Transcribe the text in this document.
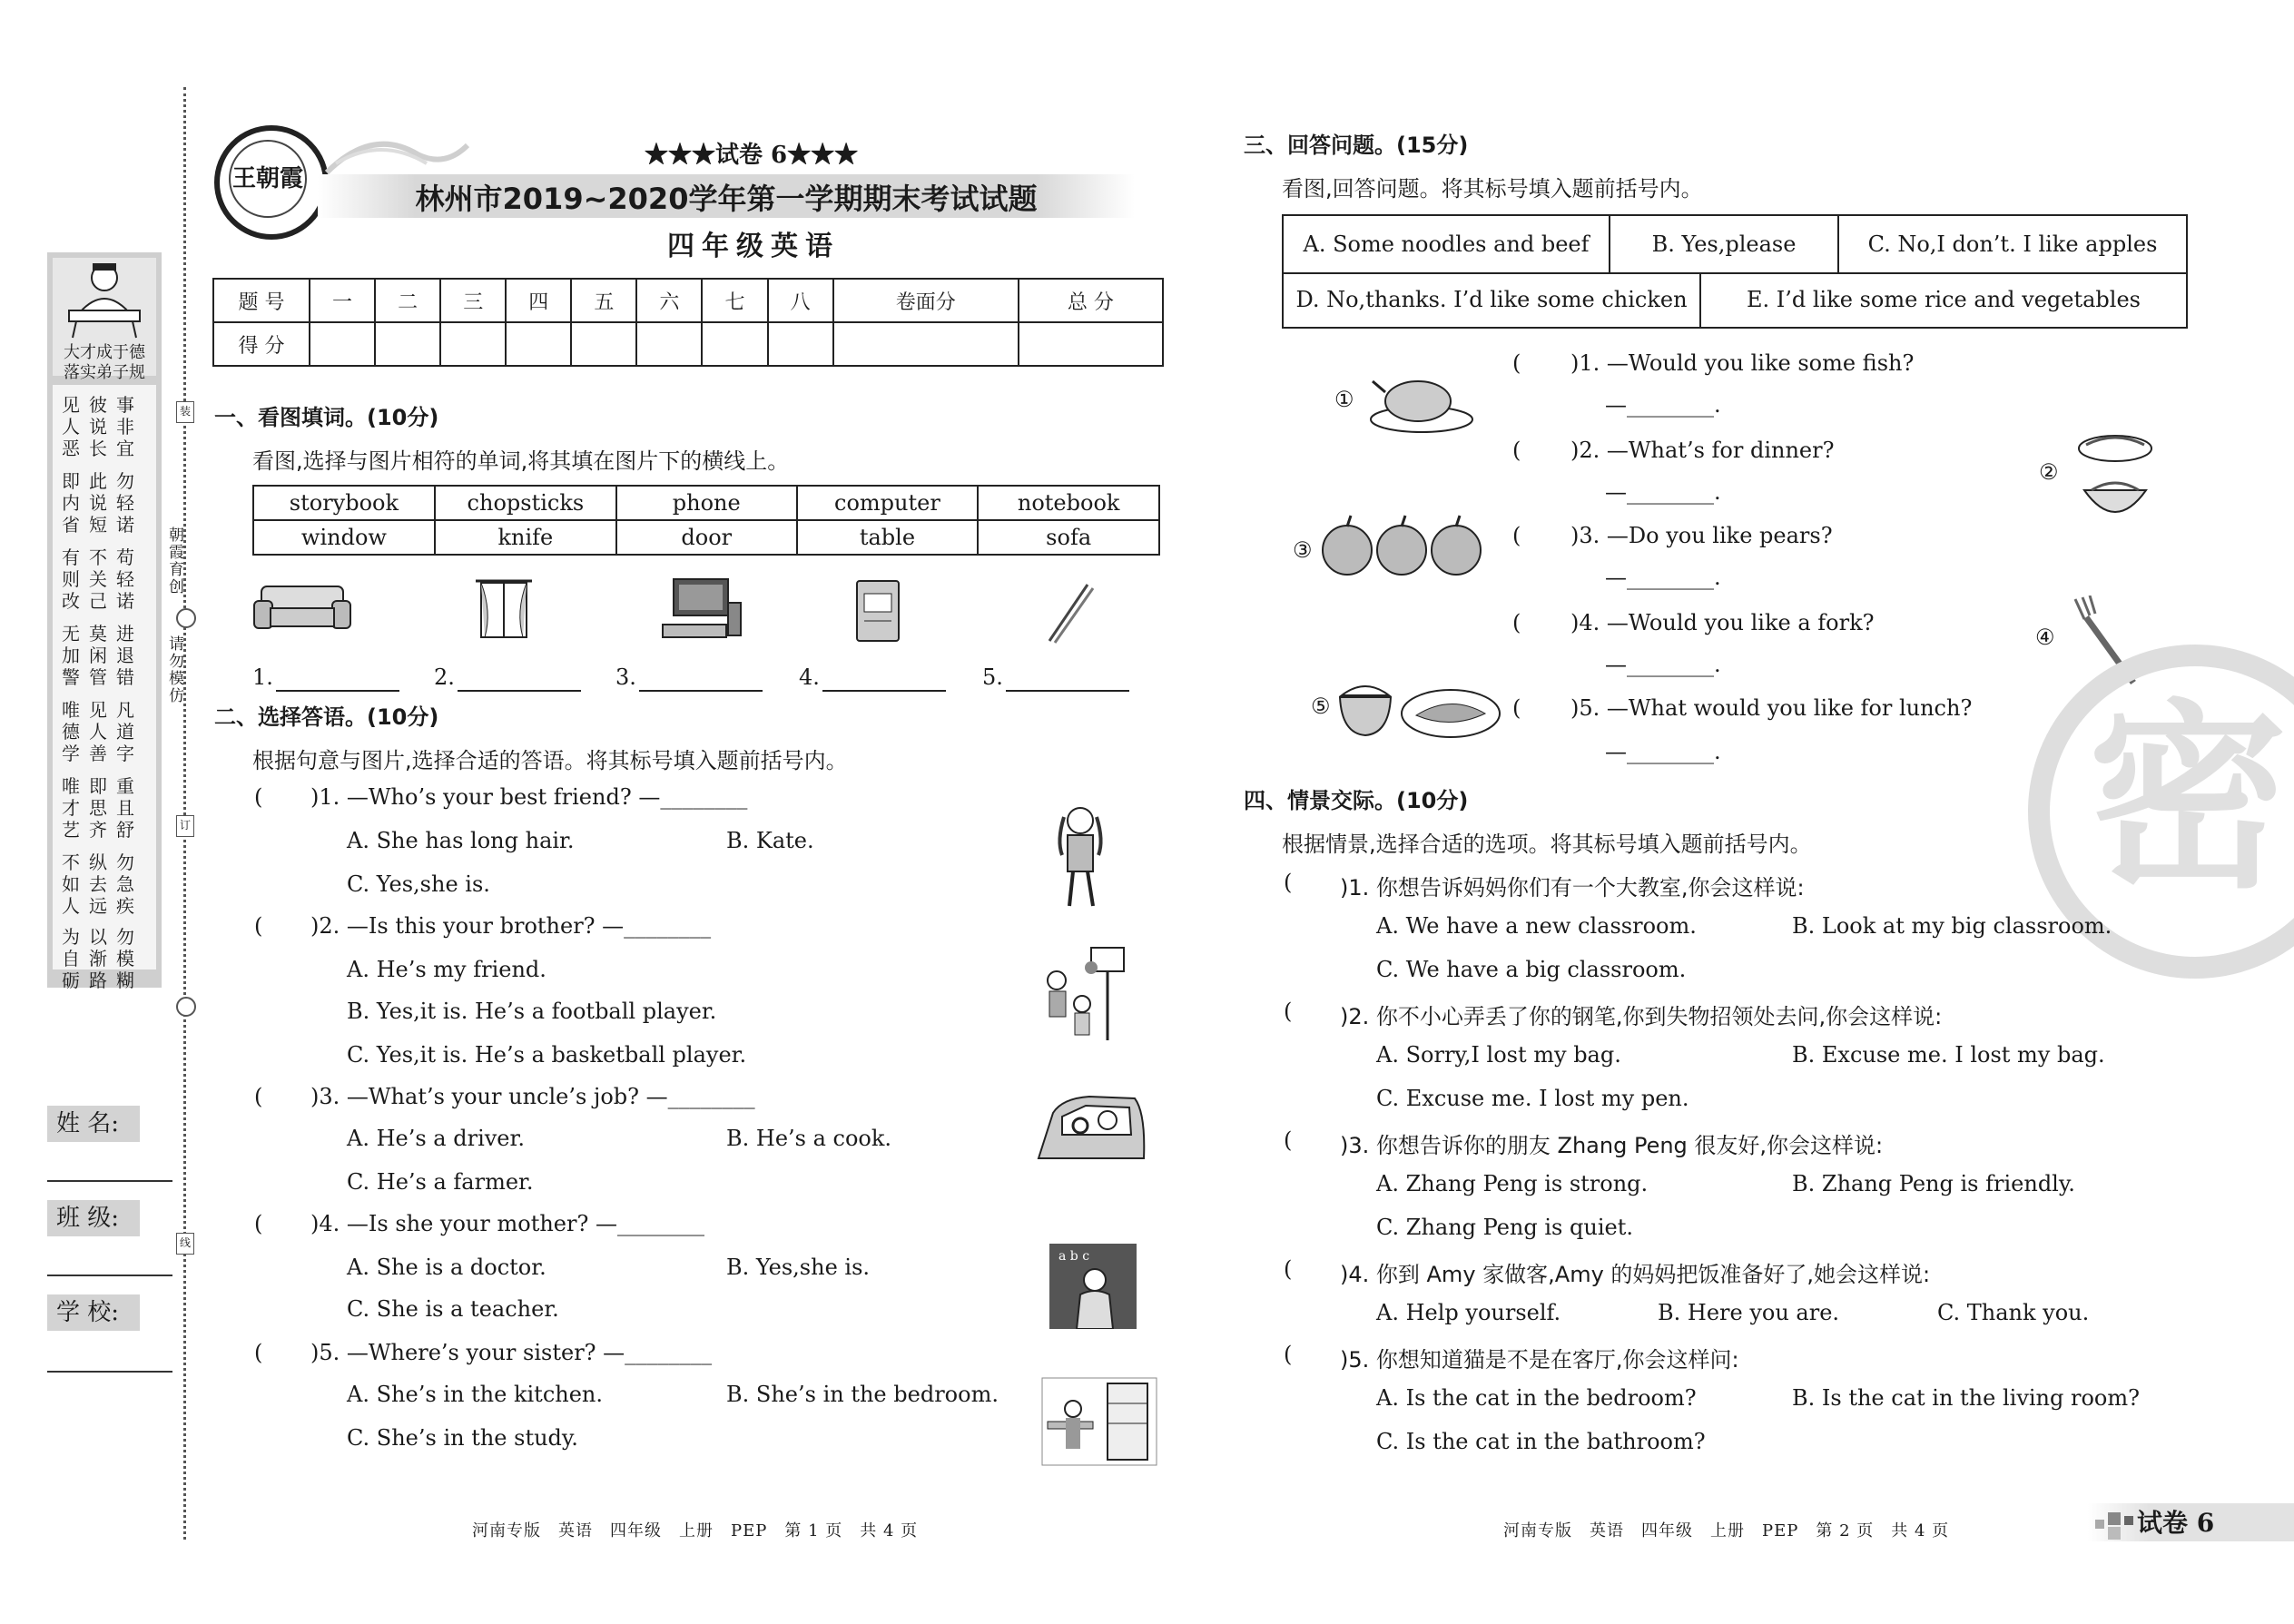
大才成于德
落实弟子规
见彼事
人说非
恶长宜
即此勿
内说轻
省短诺
有不苟
则关轻
改己诺
无莫进
加闲退
警管错
唯见凡
德人道
学善字
唯即重
才思且
艺齐舒
不纵勿
如去急
人远疾
为以勿
自渐模
砺路糊
朝霞育创
请勿模仿
装
订
线
姓 名:
班 级:
学 校:
王朝霞
★★★试卷 6★★★
林州市2019~2020学年第一学期期末考试试题
四年级英语
题 号	一	二	三	四	五	六	七	八	卷面分	总 分
得 分										
一、看图填词。(10分)
看图,选择与图片相符的单词,将其填在图片下的横线上。
storybook	chopsticks	phone	computer	notebook
window	knife	door	table	sofa
1.	2.	3.	4.	5.
二、选择答语。(10分)
根据句意与图片,选择合适的答语。将其标号填入题前括号内。
( )1. —Who’s your best friend? —________
A. She has long hair.	B. Kate.
C. Yes,she is.
( )2. —Is this your brother? —________
A. He’s my friend.
B. Yes,it is. He’s a football player.
C. Yes,it is. He’s a basketball player.
( )3. —What’s your uncle’s job? —________
A. He’s a driver.	B. He’s a cook.
C. He’s a farmer.
( )4. —Is she your mother? —________
A. She is a doctor.	B. Yes,she is.
C. She is a teacher.
a b c
( )5. —Where’s your sister? —________
A. She’s in the kitchen.	B. She’s in the bedroom.
C. She’s in the study.
三、回答问题。(15分)
看图,回答问题。将其标号填入题前括号内。
A. Some noodles and beef	B. Yes,please	C. No,I don’t. I like apples
D. No,thanks. I’d like some chicken	E. I’d like some rice and vegetables
①
②
③
④
⑤
( )1. —Would you like some fish?
—________.
( )2. —What’s for dinner?
—________.
( )3. —Do you like pears?
—________.
( )4. —Would you like a fork?
—________.
( )5. —What would you like for lunch?
—________. 密
四、情景交际。(10分)
根据情景,选择合适的选项。将其标号填入题前括号内。
( )1. 你想告诉妈妈你们有一个大教室,你会这样说:
A. We have a new classroom.	B. Look at my big classroom.
C. We have a big classroom.
( )2. 你不小心弄丢了你的钢笔,你到失物招领处去问,你会这样说:
A. Sorry,I lost my bag.	B. Excuse me. I lost my bag.
C. Excuse me. I lost my pen.
( )3. 你想告诉你的朋友 Zhang Peng 很友好,你会这样说:
A. Zhang Peng is strong.	B. Zhang Peng is friendly.
C. Zhang Peng is quiet.
( )4. 你到 Amy 家做客,Amy 的妈妈把饭准备好了,她会这样说:
A. Help yourself.	B. Here you are.	C. Thank you.
( )5. 你想知道猫是不是在客厅,你会这样问:
A. Is the cat in the bedroom?	B. Is the cat in the living room?
C. Is the cat in the bathroom?
河南专版　英语　四年级　上册　PEP　第 1 页　共 4 页	河南专版　英语　四年级　上册　PEP　第 2 页　共 4 页	试卷 6
